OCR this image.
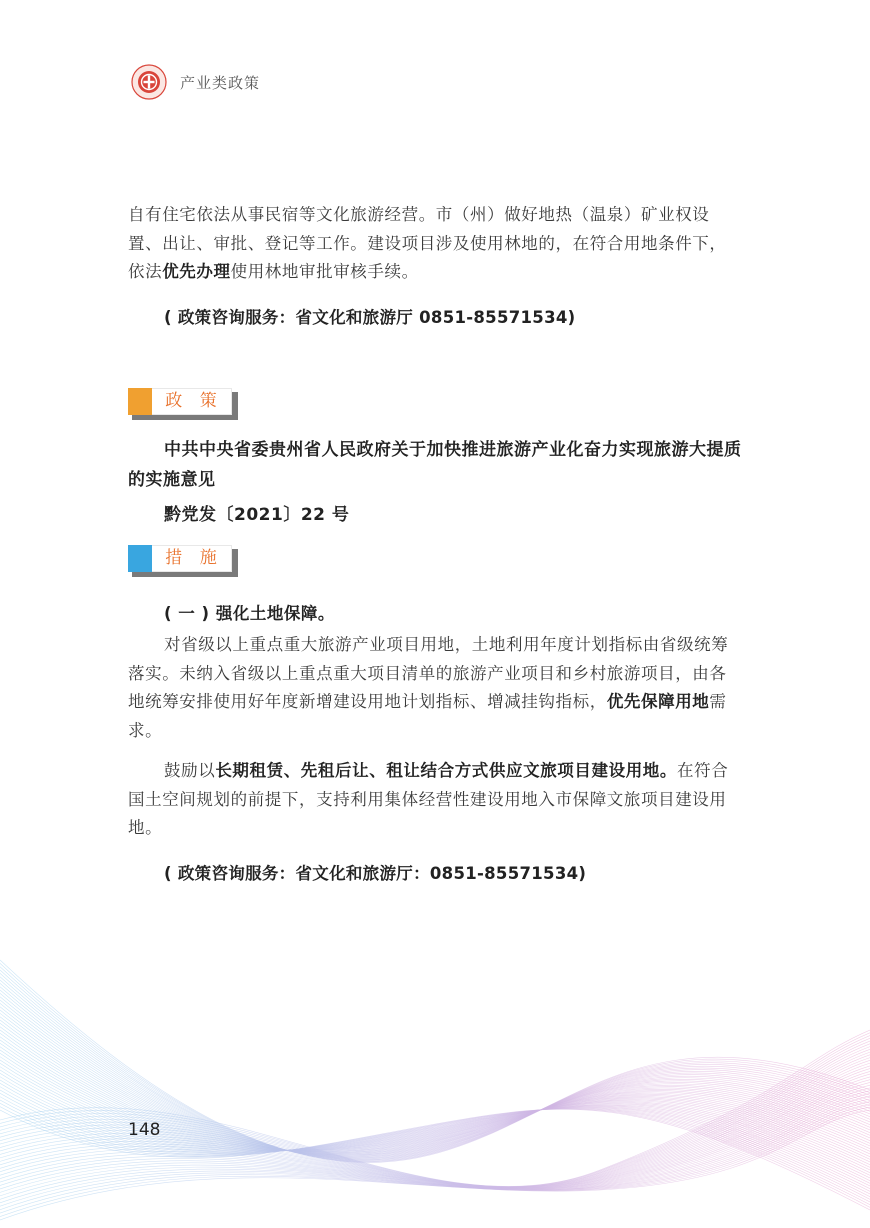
产业类政策

自有住宅依法从事民宿等文化旅游经营。市（州）做好地热（温泉）矿业权设置、出让、审批、登记等工作。建设项目涉及使用林地的，在符合用地条件下，依法优先办理使用林地审批审核手续。

( 政策咨询服务：省文化和旅游厅 0851-85571534)
政 策

中共中央省委贵州省人民政府关于加快推进旅游产业化奋力实现旅游大提质的实施意见

黔党发〔2021〕22 号
措 施
( 一 ) 强化土地保障。

对省级以上重点重大旅游产业项目用地，土地利用年度计划指标由省级统筹落实。未纳入省级以上重点重大项目清单的旅游产业项目和乡村旅游项目，由各地统筹安排使用好年度新增建设用地计划指标、增减挂钩指标，优先保障用地需求。

鼓励以长期租赁、先租后让、租让结合方式供应文旅项目建设用地。在符合国土空间规划的前提下，支持利用集体经营性建设用地入市保障文旅项目建设用地。

( 政策咨询服务：省文化和旅游厅：0851-85571534)
148
